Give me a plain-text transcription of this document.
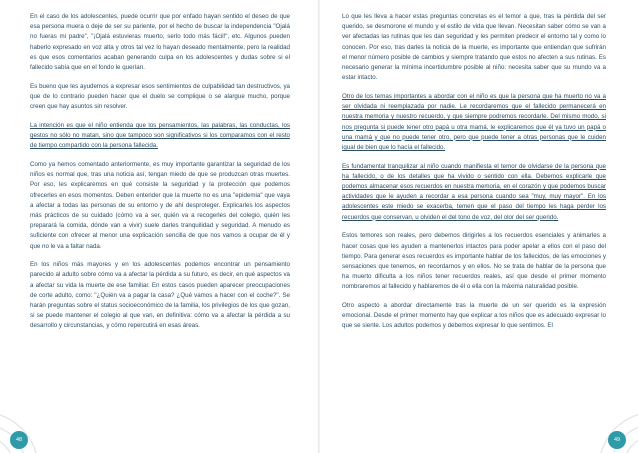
En el caso de los adolescentes, puede ocurrir que por enfado hayan sentido el deseo de que esa persona muera o deje de ser su pariente, por el hecho de buscar la independencia "Ojalá no fueras mi padre", "¡Ojalá estuvieras muerto, serlo todo más fácil!", etc. Algunos pueden haberlo expresado en voz alta y otros tal vez lo hayan deseado mentalmente, pero la realidad es que esos comentarios acaban generando culpa en los adolescentes y dudas sobre si el fallecido sabía que en el fondo le querían.

Es bueno que les ayudemos a expresar esos sentimientos de culpabilidad tan destructivos, ya que de lo contrario pueden hacer que el duelo se complique o se alargue mucho, porque creen que hay asuntos sin resolver.

La intención es que el niño entienda que los pensamientos, las palabras, las conductas, los gestos no sólo no matan, sino que tampoco son significativos si los comparamos con el resto de tiempo compartido con la persona fallecida.

Como ya hemos comentado anteriormente, es muy importante garantizar la seguridad de los niños es normal que, tras una noticia así, tengan miedo de que se produzcan otras muertes. Por eso, les explicaremos en qué consiste la seguridad y la protección que podemos ofrecerles en esos momentos. Deben entender que la muerte no es una "epidemia" que vaya a afectar a todas las personas de su entorno y de ahí desproteger. Explicarles los aspectos más prácticos de su cuidado (cómo va a ser, quién va a recogerles del colegio, quién les preparará la comida, dónde van a vivir) suele darles tranquilidad y seguridad. A menudo es suficiente con ofrecer al menor una explicación sencilla de que nos vamos a ocupar de él y que no le va a faltar nada.

En los niños más mayores y en los adolescentes podemos encontrar un pensamiento parecido al adulto sobre cómo va a afectar la pérdida a su futuro, es decir, en qué aspectos va a afectar su vida la muerte de ese familiar. En estos casos pueden aparecer preocupaciones de corte adulto, como: "¿Quién va a pagar la casa? ¿Qué vamos a hacer con el coche?". Se harán preguntas sobre el status socioeconómico de la familia, los privilegios de los que gozan, si se puede mantener el colegio al que van, en definitiva: cómo va a afectar la pérdida a su desarrollo y circunstancias, y cómo repercutirá en esas áreas.

48

Lo que les lleva a hacer estas preguntas concretas es el temor a que, tras la pérdida del ser querido, se desmorone el mundo y el estilo de vida que llevan. Necesitan saber cómo se van a ver afectadas las rutinas que les dan seguridad y les permiten predecir el entorno tal y como lo conocen. Por eso, tras darles la noticia de la muerte, es importante que entiendan que sufrirán el menor número posible de cambios y siempre tratando que estos no afecten a sus rutinas. Es necesario generar la mínima incertidumbre posible al niño: necesita saber que su mundo va a estar intacto.

Otro de los temas importantes a abordar con el niño es que la persona que ha muerto no va a ser olvidada ni reemplazada por nadie. Le recordaremos que el fallecido permanecerá en nuestra memoria y nuestro recuerdo, y que siempre podremos recordarle. Del mismo modo, si nos pregunta si puede tener otro papá u otra mamá, le explicaremos que él ya tuvo un papá o una mamá y que no puede tener otro, pero que puede tener a otras personas que le cuiden igual de bien que lo hacía el fallecido.

Es fundamental tranquilizar al niño cuando manifiesta el temor de olvidarse de la persona que ha fallecido, o de los detalles que ha vivido o sentido con ella. Debemos explicarle que podemos almacenar esos recuerdos en nuestra memoria, en el corazón y que podemos buscar actividades que le ayuden a recordar a esa persona cuando sea "muy, muy mayor". En los adolescentes este miedo se exacerba, temen que el paso del tiempo les haga perder los recuerdos que conservan, u olviden el del tono de voz, del olor del ser querido.

Estos temores son reales, pero debemos dirigirles a los recuerdos esenciales y animarles a hacer cosas que les ayuden a mantenerlos intactos para poder apelar a ellos con el paso del tiempo. Para generar esos recuerdos es importante hablar de los fallecidos, de las emociones y sensaciones que tenemos, en recordarnos y en ellos. No se trata de hablar de la persona que ha muerto dificulta a los niños tener recuerdos reales, así que desde el primer momento nombraremos al fallecido y hablaremos de él o ella con la máxima naturalidad posible.

Otro aspecto a abordar directamente tras la muerte de un ser querido es la expresión emocional. Desde el primer momento hay que explicar a los niños que es adecuado expresar lo que se siente. Los adultos podemos y debemos expresar lo que sentimos. El

49
